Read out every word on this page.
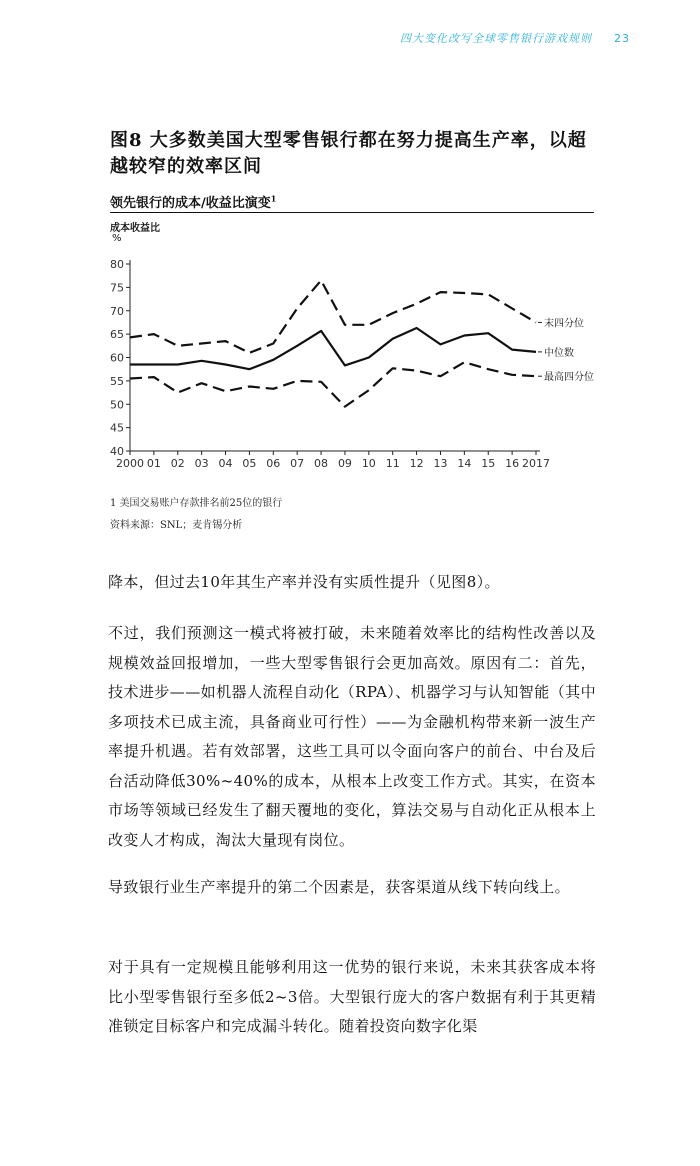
四大变化改写全球零售银行游戏规则 23
图8 大多数美国大型零售银行都在努力提高生产率，以超越较窄的效率区间
领先银行的成本/收益比演变$^1$
成本收益比
%
40
45
50
55
60
65
70
75
80
2000 01 02 03 04 05 06 07 08 09 10 11 12 13 14 15 16 2017
末四分位
中位数
最高四分位
1 美国交易账户存款排名前25位的银行
资料来源：SNL；麦肯锡分析
降本，但过去10年其生产率并没有实质性提升（见图8）。
不过，我们预测这一模式将被打破，未来随着效率比的结构性改善以及规模效益回报增加，一些大型零售银行会更加高效。原因有二：首先，技术进步——如机器人流程自动化（RPA）、机器学习与认知智能（其中多项技术已成主流，具备商业可行性）——为金融机构带来新一波生产率提升机遇。若有效部署，这些工具可以令面向客户的前台、中台及后台活动降低30%~40%的成本，从根本上改变工作方式。其实，在资本市场等领域已经发生了翻天覆地的变化，算法交易与自动化正从根本上改变人才构成，淘汰大量现有岗位。
导致银行业生产率提升的第二个因素是，获客渠道从线下转向线上。
对于具有一定规模且能够利用这一优势的银行来说，未来其获客成本将比小型零售银行至多低2~3倍。大型银行庞大的客户数据有利于其更精准锁定目标客户和完成漏斗转化。随着投资向数字化渠
